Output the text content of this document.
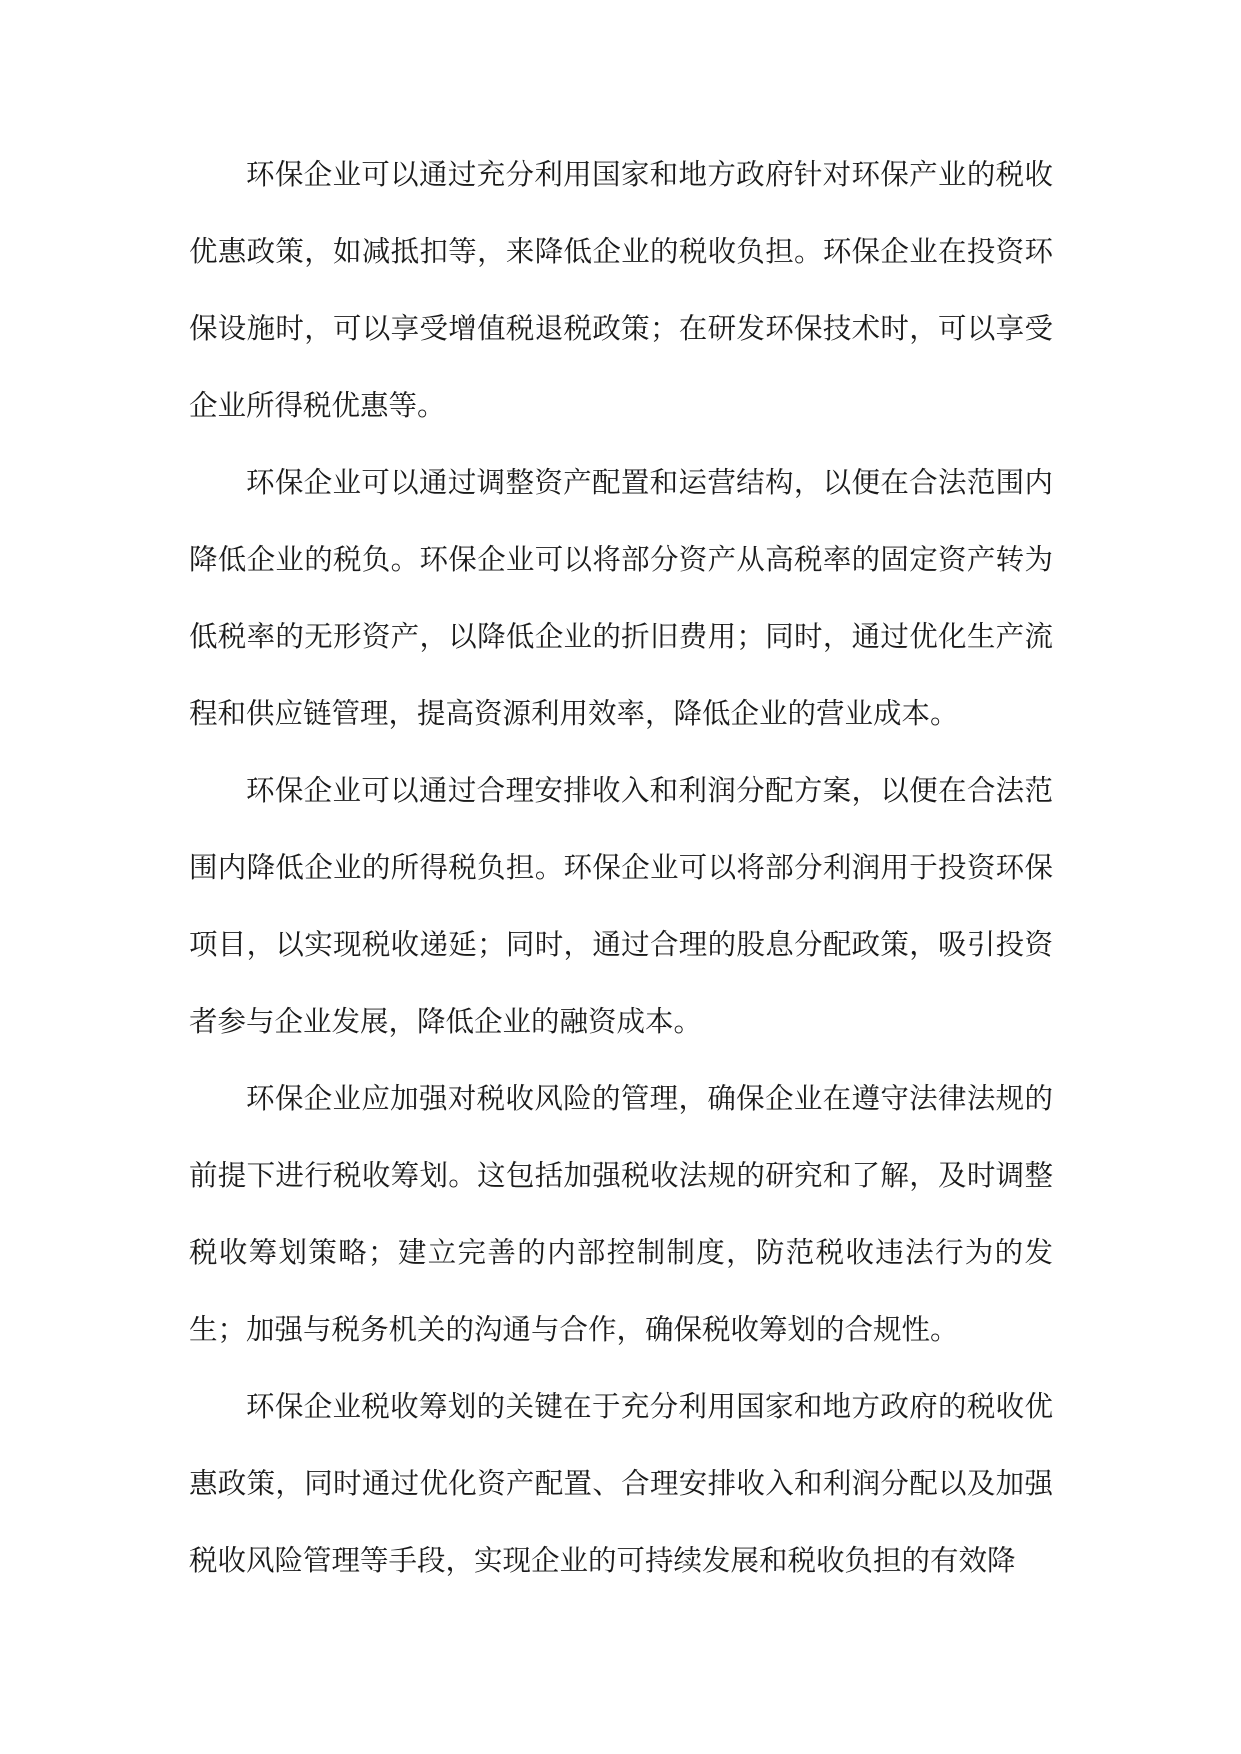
环保企业可以通过充分利用国家和地方政府针对环保产业的税收优惠政策，如减抵扣等，来降低企业的税收负担。环保企业在投资环保设施时，可以享受增值税退税政策；在研发环保技术时，可以享受企业所得税优惠等。

环保企业可以通过调整资产配置和运营结构，以便在合法范围内降低企业的税负。环保企业可以将部分资产从高税率的固定资产转为低税率的无形资产，以降低企业的折旧费用；同时，通过优化生产流程和供应链管理，提高资源利用效率，降低企业的营业成本。

环保企业可以通过合理安排收入和利润分配方案，以便在合法范围内降低企业的所得税负担。环保企业可以将部分利润用于投资环保项目，以实现税收递延；同时，通过合理的股息分配政策，吸引投资者参与企业发展，降低企业的融资成本。

环保企业应加强对税收风险的管理，确保企业在遵守法律法规的前提下进行税收筹划。这包括加强税收法规的研究和了解，及时调整税收筹划策略；建立完善的内部控制制度，防范税收违法行为的发生；加强与税务机关的沟通与合作，确保税收筹划的合规性。

环保企业税收筹划的关键在于充分利用国家和地方政府的税收优惠政策，同时通过优化资产配置、合理安排收入和利润分配以及加强税收风险管理等手段，实现企业的可持续发展和税收负担的有效降
